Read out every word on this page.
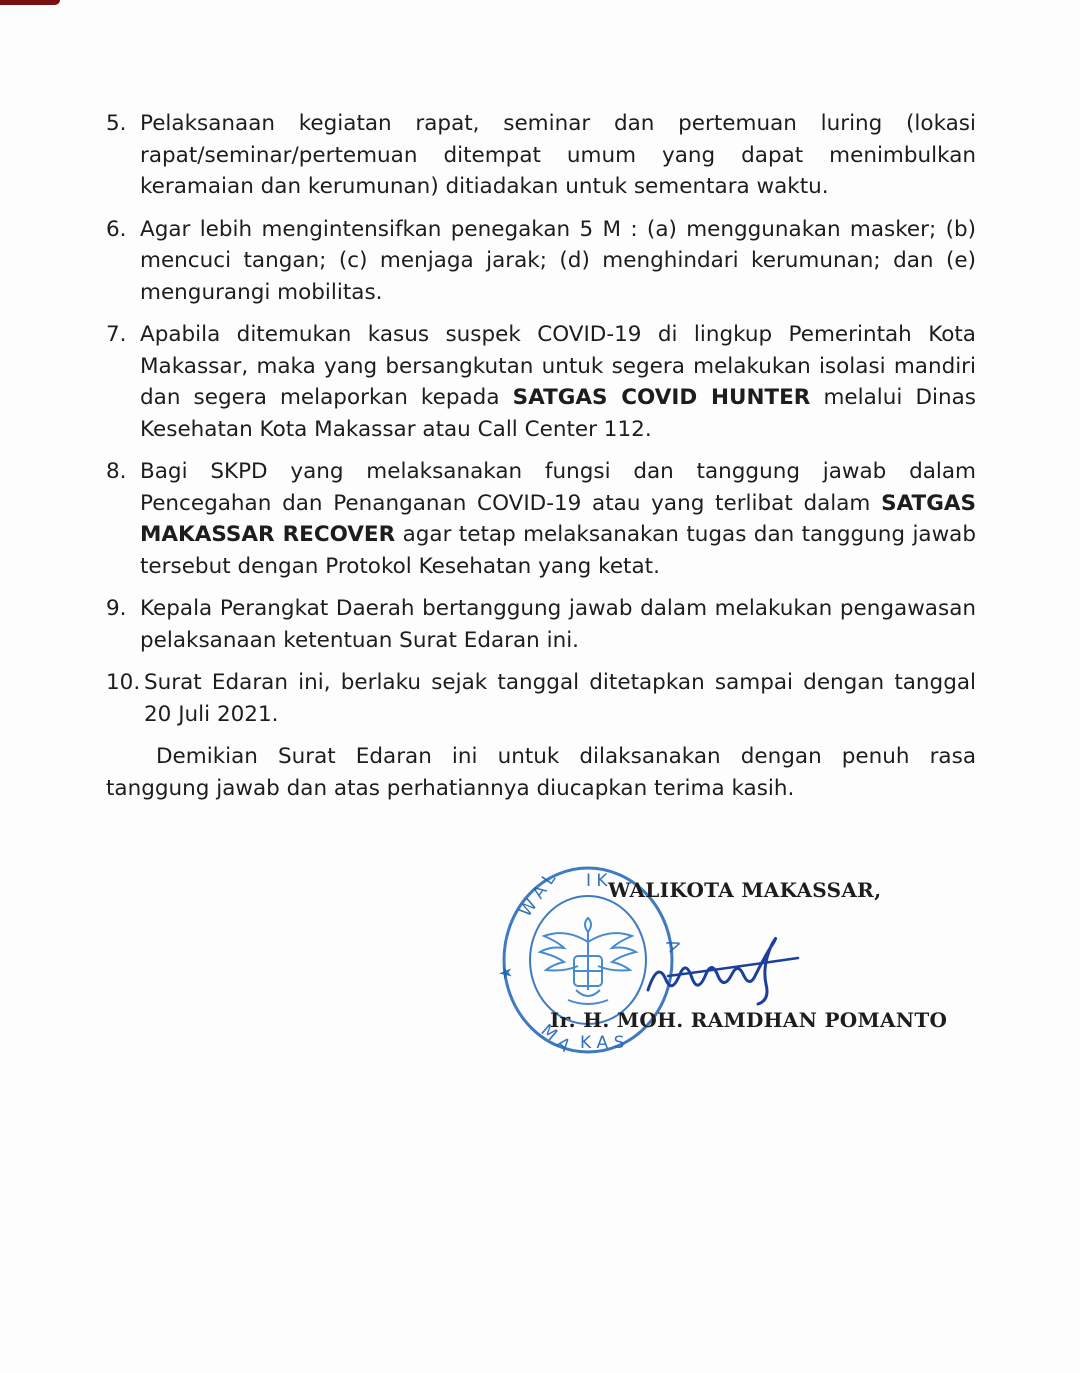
5. Pelaksanaan kegiatan rapat, seminar dan pertemuan luring (lokasi rapat/seminar/pertemuan ditempat umum yang dapat menimbulkan keramaian dan kerumunan) ditiadakan untuk sementara waktu.
6. Agar lebih mengintensifkan penegakan 5 M : (a) menggunakan masker; (b) mencuci tangan; (c) menjaga jarak; (d) menghindari kerumunan; dan (e) mengurangi mobilitas.
7. Apabila ditemukan kasus suspek COVID-19 di lingkup Pemerintah Kota Makassar, maka yang bersangkutan untuk segera melakukan isolasi mandiri dan segera melaporkan kepada SATGAS COVID HUNTER melalui Dinas Kesehatan Kota Makassar atau Call Center 112.
8. Bagi SKPD yang melaksanakan fungsi dan tanggung jawab dalam Pencegahan dan Penanganan COVID-19 atau yang terlibat dalam SATGAS MAKASSAR RECOVER agar tetap melaksanakan tugas dan tanggung jawab tersebut dengan Protokol Kesehatan yang ketat.
9. Kepala Perangkat Daerah bertanggung jawab dalam melakukan pengawasan pelaksanaan ketentuan Surat Edaran ini.
10. Surat Edaran ini, berlaku sejak tanggal ditetapkan sampai dengan tanggal 20 Juli 2021.

Demikian Surat Edaran ini untuk dilaksanakan dengan penuh rasa tanggung jawab dan atas perhatiannya diucapkan terima kasih.

W A L I K
A
★
M A K A S
WALIKOTA MAKASSAR,
Ir. H. MOH. RAMDHAN POMANTO
